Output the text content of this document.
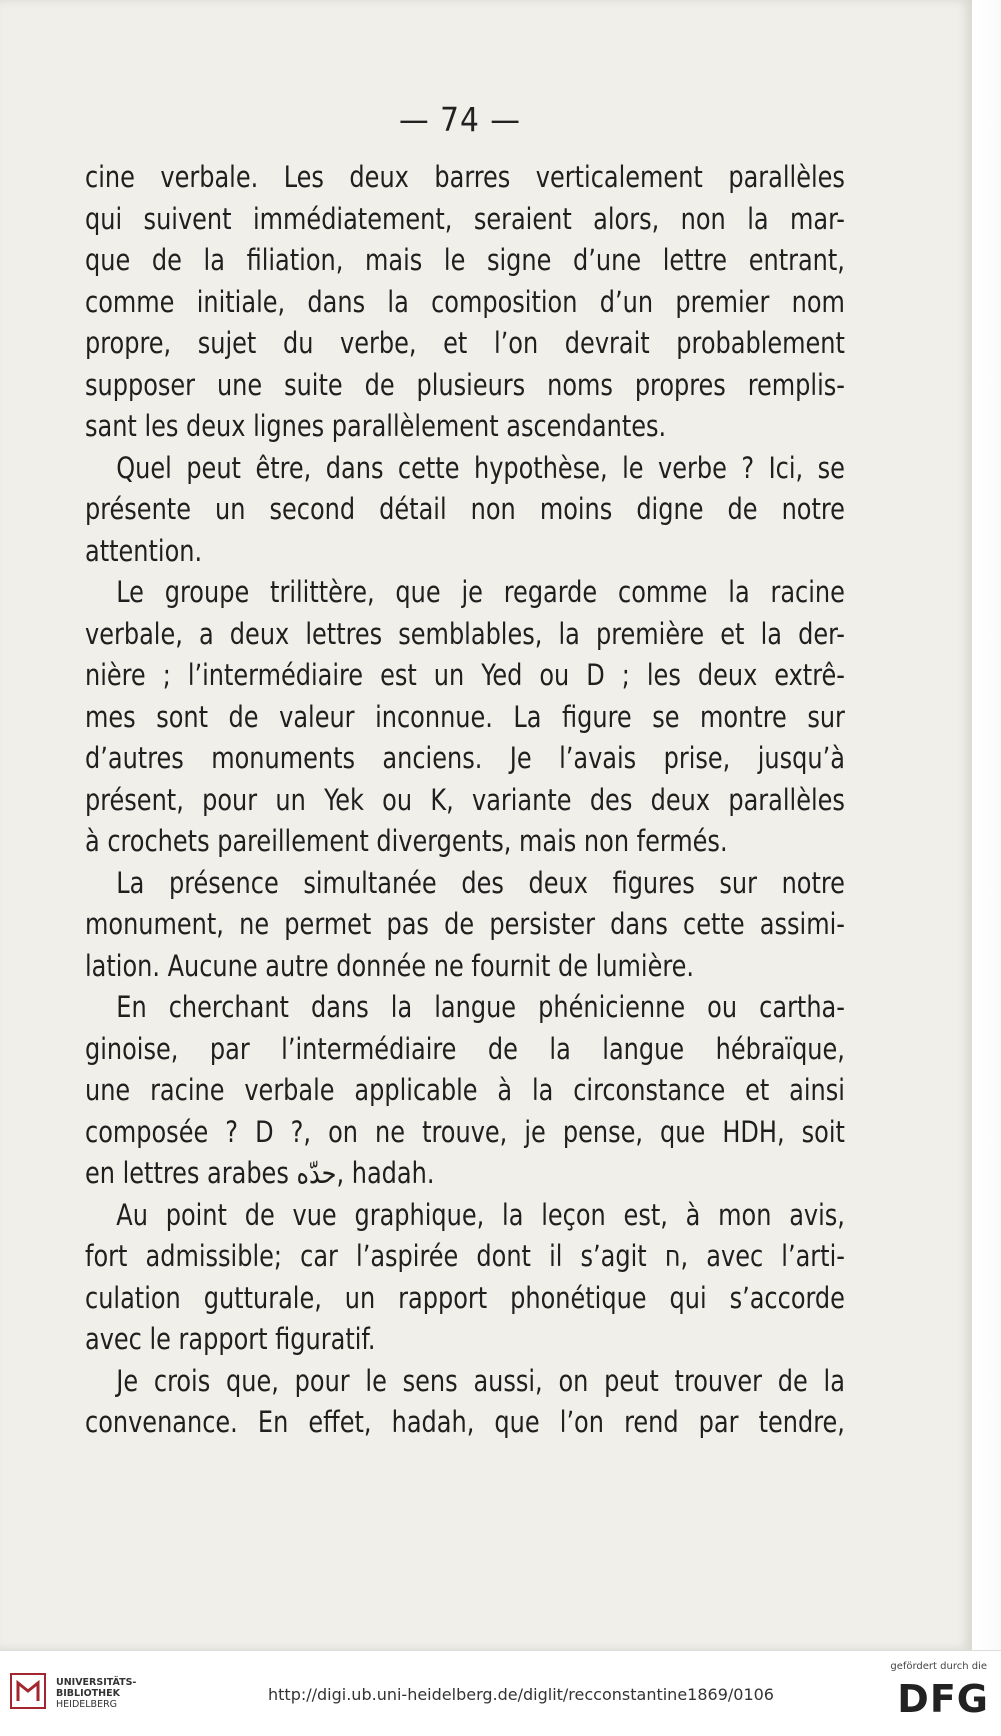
— 74 —
cine verbale. Les deux barres verticalement parallèles
qui suivent immédiatement, seraient alors, non la mar-
que de la filiation, mais le signe d’une lettre entrant,
comme initiale, dans la composition d’un premier nom
propre, sujet du verbe, et l’on devrait probablement
supposer une suite de plusieurs noms propres remplis-
sant les deux lignes parallèlement ascendantes.
Quel peut être, dans cette hypothèse, le verbe ? Ici, se
présente un second détail non moins digne de notre
attention.
Le groupe trilittère, que je regarde comme la racine
verbale, a deux lettres semblables, la première et la der-
nière ; l’intermédiaire est un Yed ou D ; les deux extrê-
mes sont de valeur inconnue. La figure se montre sur
d’autres monuments anciens. Je l’avais prise, jusqu’à
présent, pour un Yek ou K, variante des deux parallèles
à crochets pareillement divergents, mais non fermés.
La présence simultanée des deux figures sur notre
monument, ne permet pas de persister dans cette assimi-
lation. Aucune autre donnée ne fournit de lumière.
En cherchant dans la langue phénicienne ou cartha-
ginoise, par l’intermédiaire de la langue hébraïque,
une racine verbale applicable à la circonstance et ainsi
composée ? D ?, on ne trouve, je pense, que HDH, soit
en lettres arabes حدّه, hadah.
Au point de vue graphique, la leçon est, à mon avis,
fort admissible; car l’aspirée dont il s’agit ח, avec l’arti-
culation gutturale, un rapport phonétique qui s’accorde
avec le rapport figuratif.
Je crois que, pour le sens aussi, on peut trouver de la
convenance. En effet, hadah, que l’on rend par tendre,
UNIVERSITÄTS-
BIBLIOTHEK
HEIDELBERG
http://digi.ub.uni-heidelberg.de/diglit/recconstantine1869/0106
gefördert durch die
DFG
